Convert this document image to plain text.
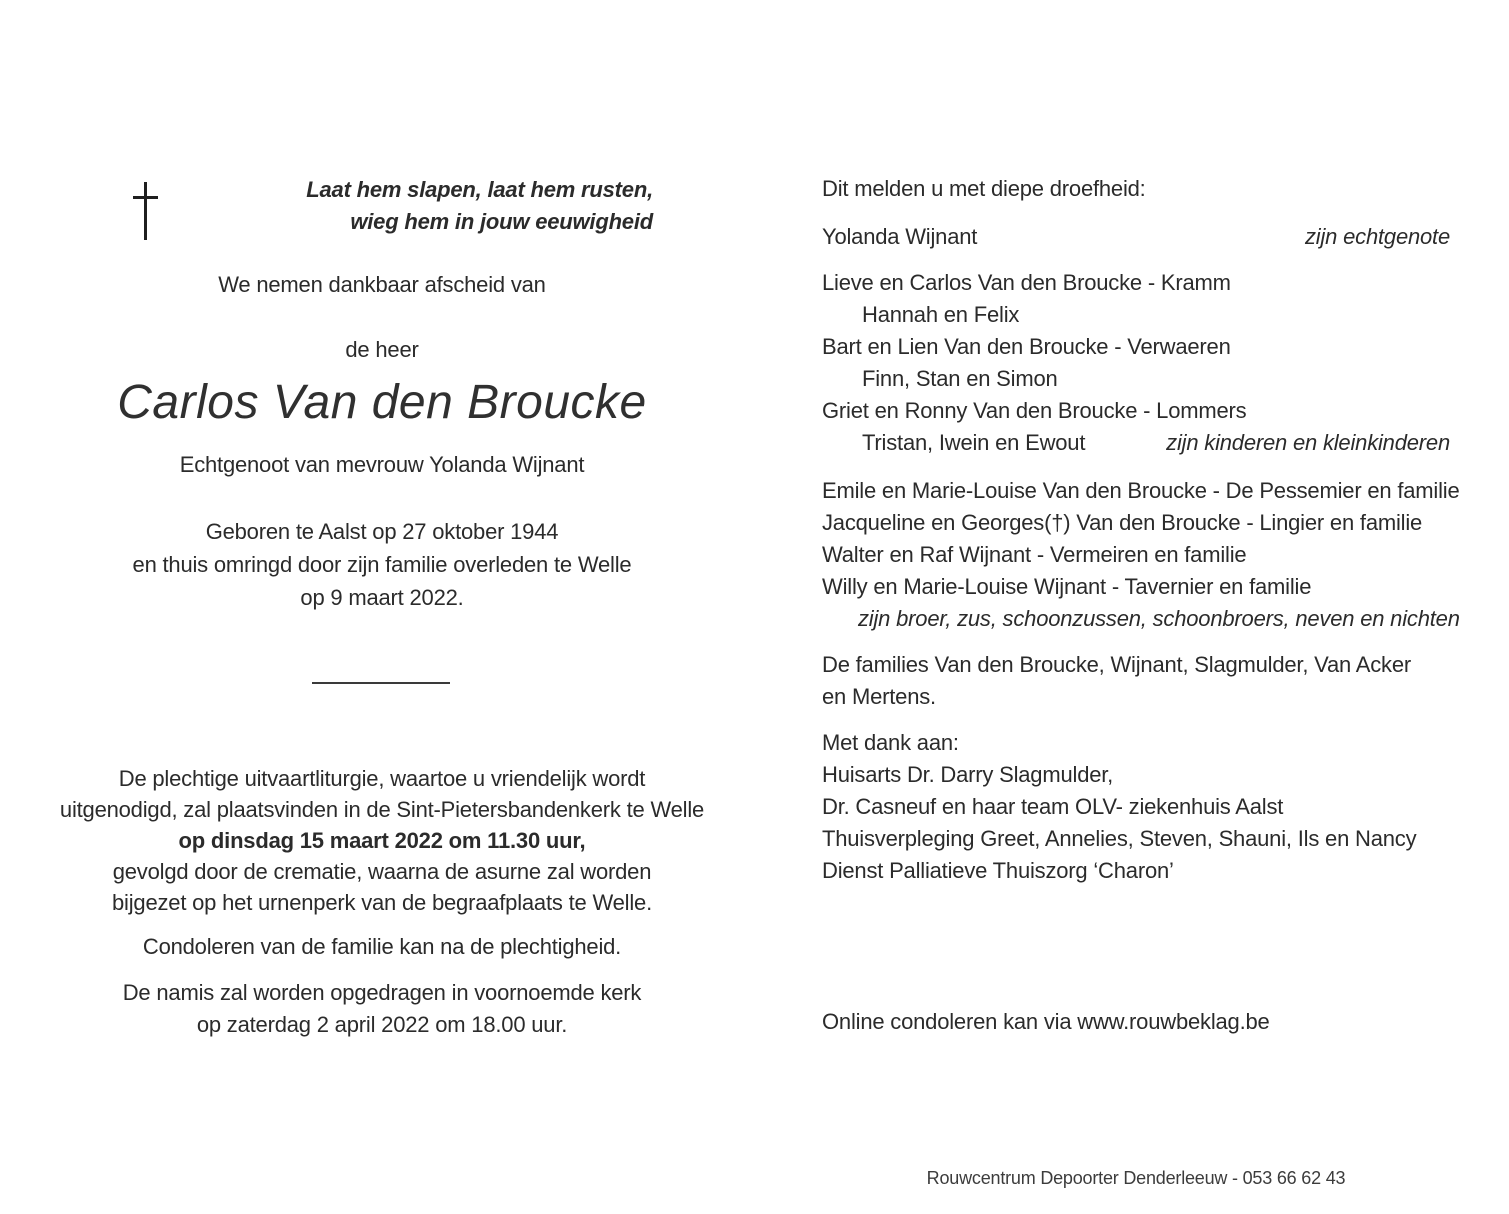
Laat hem slapen, laat hem rusten,
wieg hem in jouw eeuwigheid
We nemen dankbaar afscheid van
de heer
Carlos Van den Broucke
Echtgenoot van mevrouw Yolanda Wijnant
Geboren te Aalst op 27 oktober 1944
en thuis omringd door zijn familie overleden te Welle
op 9 maart 2022.
De plechtige uitvaartliturgie, waartoe u vriendelijk wordt
uitgenodigd, zal plaatsvinden in de Sint-Pietersbandenkerk te Welle
op dinsdag 15 maart 2022 om 11.30 uur,
gevolgd door de crematie, waarna de asurne zal worden
bijgezet op het urnenperk van de begraafplaats te Welle.
Condoleren van de familie kan na de plechtigheid.
De namis zal worden opgedragen in voornoemde kerk
op zaterdag 2 april 2022 om 18.00 uur.
Dit melden u met diepe droefheid:
Yolanda Wijnant	zijn echtgenote
Lieve en Carlos Van den Broucke - Kramm
Hannah en Felix
Bart en Lien Van den Broucke - Verwaeren
Finn, Stan en Simon
Griet en Ronny Van den Broucke - Lommers
Tristan, Iwein en Ewout	zijn kinderen en kleinkinderen
Emile en Marie-Louise Van den Broucke - De Pessemier en familie
Jacqueline en Georges(†) Van den Broucke - Lingier en familie
Walter en Raf Wijnant - Vermeiren en familie
Willy en Marie-Louise Wijnant - Tavernier en familie
zijn broer, zus, schoonzussen, schoonbroers, neven en nichten
De families Van den Broucke, Wijnant, Slagmulder, Van Acker
en Mertens.
Met dank aan:
Huisarts Dr. Darry Slagmulder,
Dr. Casneuf en haar team OLV- ziekenhuis Aalst
Thuisverpleging Greet, Annelies, Steven, Shauni, Ils en Nancy
Dienst Palliatieve Thuiszorg ‘Charon’
Online condoleren kan via www.rouwbeklag.be
Rouwcentrum Depoorter Denderleeuw - 053 66 62 43
